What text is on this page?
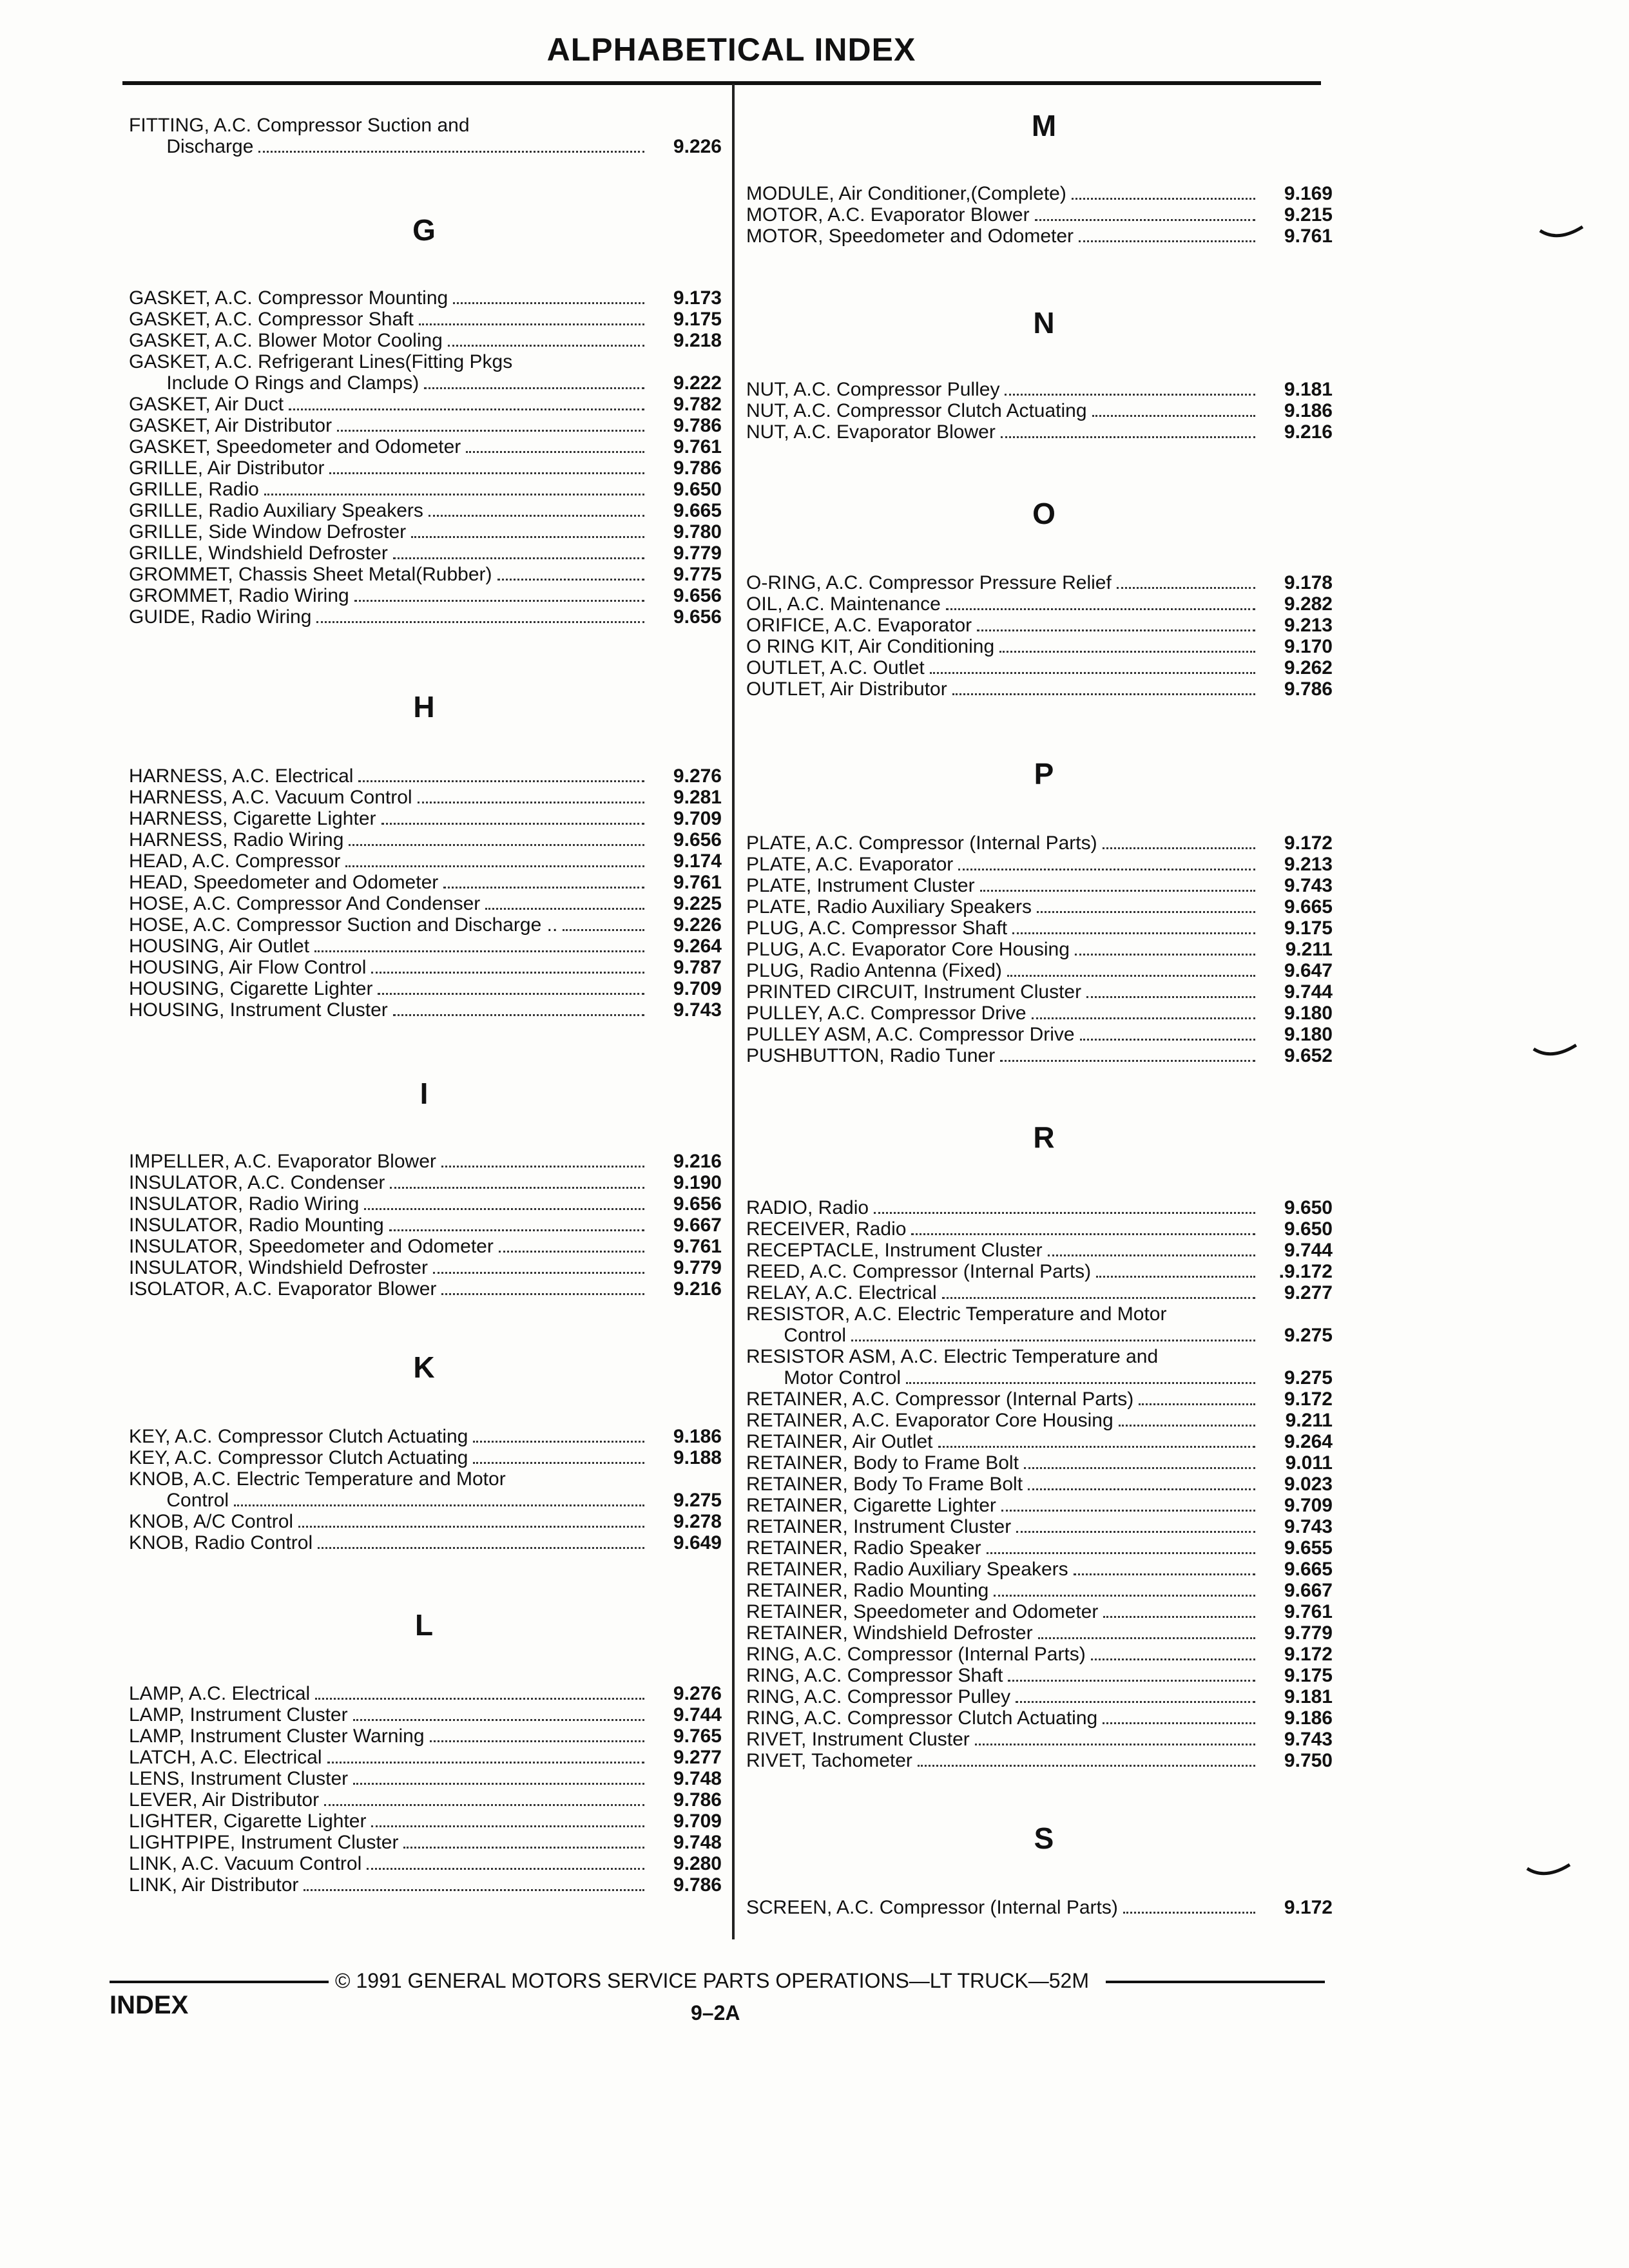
ALPHABETICAL INDEX
FITTING, A.C. Compressor Suction and
Discharge	9.226
G
GASKET, A.C. Compressor Mounting	9.173
GASKET, A.C. Compressor Shaft	9.175
GASKET, A.C. Blower Motor Cooling	9.218
GASKET, A.C. Refrigerant Lines(Fitting Pkgs
Include O Rings and Clamps)	9.222
GASKET, Air Duct	9.782
GASKET, Air Distributor	9.786
GASKET, Speedometer and Odometer	9.761
GRILLE, Air Distributor	9.786
GRILLE, Radio	9.650
GRILLE, Radio Auxiliary Speakers	9.665
GRILLE, Side Window Defroster	9.780
GRILLE, Windshield Defroster	9.779
GROMMET, Chassis Sheet Metal(Rubber)	9.775
GROMMET, Radio Wiring	9.656
GUIDE, Radio Wiring	9.656
H
HARNESS, A.C. Electrical	9.276
HARNESS, A.C. Vacuum Control	9.281
HARNESS, Cigarette Lighter	9.709
HARNESS, Radio Wiring	9.656
HEAD, A.C. Compressor	9.174
HEAD, Speedometer and Odometer	9.761
HOSE, A.C. Compressor And Condenser	9.225
HOSE, A.C. Compressor Suction and Discharge ..	9.226
HOUSING, Air Outlet	9.264
HOUSING, Air Flow Control	9.787
HOUSING, Cigarette Lighter	9.709
HOUSING, Instrument Cluster	9.743
I
IMPELLER, A.C. Evaporator Blower	9.216
INSULATOR, A.C. Condenser	9.190
INSULATOR, Radio Wiring	9.656
INSULATOR, Radio Mounting	9.667
INSULATOR, Speedometer and Odometer	9.761
INSULATOR, Windshield Defroster	9.779
ISOLATOR, A.C. Evaporator Blower	9.216
K
KEY, A.C. Compressor Clutch Actuating	9.186
KEY, A.C. Compressor Clutch Actuating	9.188
KNOB, A.C. Electric Temperature and Motor
Control	9.275
KNOB, A/C Control	9.278
KNOB, Radio Control	9.649
L
LAMP, A.C. Electrical	9.276
LAMP, Instrument Cluster	9.744
LAMP, Instrument Cluster Warning	9.765
LATCH, A.C. Electrical	9.277
LENS, Instrument Cluster	9.748
LEVER, Air Distributor	9.786
LIGHTER, Cigarette Lighter	9.709
LIGHTPIPE, Instrument Cluster	9.748
LINK, A.C. Vacuum Control	9.280
LINK, Air Distributor	9.786
M
MODULE, Air Conditioner,(Complete)	9.169
MOTOR, A.C. Evaporator Blower	9.215
MOTOR, Speedometer and Odometer	9.761
N
NUT, A.C. Compressor Pulley	9.181
NUT, A.C. Compressor Clutch Actuating	9.186
NUT, A.C. Evaporator Blower	9.216
O
O-RING, A.C. Compressor Pressure Relief	9.178
OIL, A.C. Maintenance	9.282
ORIFICE, A.C. Evaporator	9.213
O RING KIT, Air Conditioning	9.170
OUTLET, A.C. Outlet	9.262
OUTLET, Air Distributor	9.786
P
PLATE, A.C. Compressor (Internal Parts)	9.172
PLATE, A.C. Evaporator	9.213
PLATE, Instrument Cluster	9.743
PLATE, Radio Auxiliary Speakers	9.665
PLUG, A.C. Compressor Shaft	9.175
PLUG, A.C. Evaporator Core Housing	9.211
PLUG, Radio Antenna (Fixed)	9.647
PRINTED CIRCUIT, Instrument Cluster	9.744
PULLEY, A.C. Compressor Drive	9.180
PULLEY ASM, A.C. Compressor Drive	9.180
PUSHBUTTON, Radio Tuner	9.652
R
RADIO, Radio	9.650
RECEIVER, Radio	9.650
RECEPTACLE, Instrument Cluster	9.744
REED, A.C. Compressor (Internal Parts)	.9.172
RELAY, A.C. Electrical	9.277
RESISTOR, A.C. Electric Temperature and Motor
Control	9.275
RESISTOR ASM, A.C. Electric Temperature and
Motor Control	9.275
RETAINER, A.C. Compressor (Internal Parts)	9.172
RETAINER, A.C. Evaporator Core Housing	9.211
RETAINER, Air Outlet	9.264
RETAINER, Body to Frame Bolt	9.011
RETAINER, Body To Frame Bolt	9.023
RETAINER, Cigarette Lighter	9.709
RETAINER, Instrument Cluster	9.743
RETAINER, Radio Speaker	9.655
RETAINER, Radio Auxiliary Speakers	9.665
RETAINER, Radio Mounting	9.667
RETAINER, Speedometer and Odometer	9.761
RETAINER, Windshield Defroster	9.779
RING, A.C. Compressor (Internal Parts)	9.172
RING, A.C. Compressor Shaft	9.175
RING, A.C. Compressor Pulley	9.181
RING, A.C. Compressor Clutch Actuating	9.186
RIVET, Instrument Cluster	9.743
RIVET, Tachometer	9.750
S
SCREEN, A.C. Compressor (Internal Parts)	9.172
© 1991 GENERAL MOTORS SERVICE PARTS OPERATIONS—LT TRUCK—52M
INDEX	9–2A
